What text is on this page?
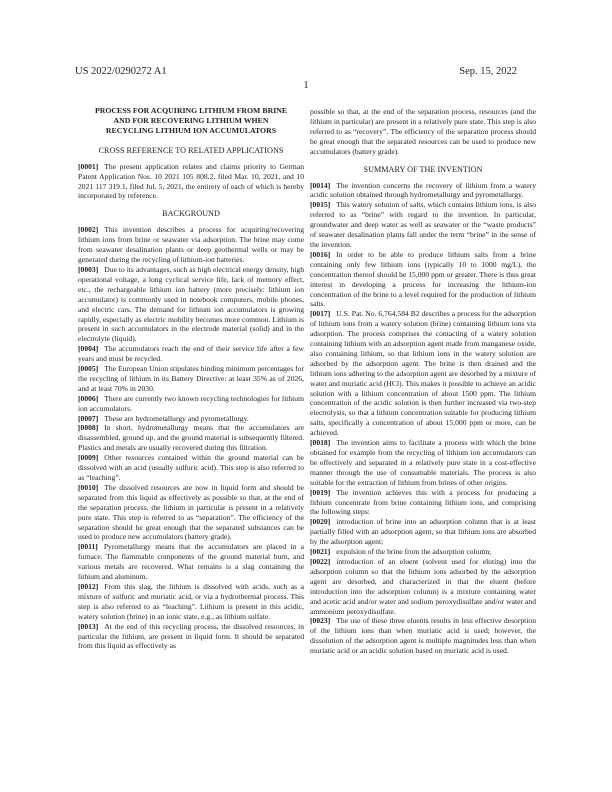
US 2022/0290272 A1	Sep. 15, 2022
1
PROCESS FOR ACQUIRING LITHIUM FROM BRINE AND FOR RECOVERING LITHIUM WHEN RECYCLING LITHIUM ION ACCUMULATORS
CROSS REFERENCE TO RELATED APPLICATIONS

[0001] The present application relates and claims priority to German Patent Application Nos. 10 2021 105 808.2, filed Mar. 10, 2021, and 10 2021 117 319.1, filed Jul. 5, 2021, the entirety of each of which is hereby incorporated by reference.

BACKGROUND

[0002] This invention describes a process for acquiring/recovering lithium ions from brine or seawater via adsorption. The brine may come from seawater desalination plants or deep geothermal wells or may be generated during the recycling of lithium-ion batteries.

[0003] Due to its advantages, such as high electrical energy density, high operational voltage, a long cyclical service life, lack of memory effect, etc., the rechargeable lithium ion battery (more precisely: lithium ion accumulator) is commonly used in notebook computers, mobile phones, and electric cars. The demand for lithium ion accumulators is growing rapidly, especially as electric mobility becomes more common. Lithium is present in such accumulators in the electrode material (solid) and in the electrolyte (liquid).

[0004] The accumulators reach the end of their service life after a few years and must be recycled.

[0005] The European Union stipulates binding minimum percentages for the recycling of lithium in its Battery Directive: at least 35% as of 2026, and at least 70% in 2030.

[0006] There are currently two known recycling technologies for lithium ion accumulators.

[0007] These are hydrometallurgy and pyrometallurgy.

[0008] In short, hydrometallurgy means that the accumulators are disassembled, ground up, and the ground material is subsequently filtered. Plastics and metals are usually recovered during this filtration.

[0009] Other resources contained within the ground material can be dissolved with an acid (usually sulfuric acid). This step is also referred to as “leaching”.

[0010] The dissolved resources are now in liquid form and should be separated from this liquid as effectively as possible so that, at the end of the separation process, the lithium in particular is present in a relatively pure state. This step is referred to as “separation”. The efficiency of the separation should be great enough that the separated substances can be used to produce new accumulators (battery grade).

[0011] Pyrometallurgy means that the accumulators are placed in a furnace. The flammable components of the ground material burn, and various metals are recovered. What remains is a slag containing the lithium and aluminum.

[0012] From this slag, the lithium is dissolved with acids, such as a mixture of sulfuric and muriatic acid, or via a hydrothermal process. This step is also referred to as “leaching”. Lithium is present in this acidic, watery solution (brine) in an ionic state, e.g., as lithium sulfate.

[0013] At the end of this recycling process, the dissolved resources, in particular the lithium, are present in liquid form. It should be separated from this liquid as effectively as

possible so that, at the end of the separation process, resources (and the lithium in particular) are present in a relatively pure state. This step is also referred to as “recovery”. The efficiency of the separation process should be great enough that the separated resources can be used to produce new accumulators (battery grade).

SUMMARY OF THE INVENTION

[0014] The invention concerns the recovery of lithium from a watery acidic solution obtained through hydrometallurgy and pyrometallurgy.

[0015] This watery solution of salts, which contains lithium ions, is also referred to as “brine” with regard to the invention. In particular, groundwater and deep water as well as seawater or the “waste products” of seawater desalination plants fall under the term “brine” in the sense of the invention.

[0016] In order to be able to produce lithium salts from a brine containing only few lithium ions (typically 10 to 1000 mg/L), the concentration thereof should be 15,000 ppm or greater. There is thus great interest in developing a process for increasing the lithium-ion concentration of the brine to a level required for the production of lithium salts.

[0017] U.S. Pat. No. 6,764,584 B2 describes a process for the adsorption of lithium ions from a watery solution (brine) containing lithium ions via adsorption. The process comprises the contacting of a watery solution containing lithium with an adsorption agent made from manganese oxide, also containing lithium, so that lithium ions in the watery solution are adsorbed by the adsorption agent. The brine is then drained and the lithium ions adhering to the adsorption agent are desorbed by a mixture of water and muriatic acid (HCl). This makes it possible to achieve an acidic solution with a lithium concentration of about 1500 ppm. The lithium concentration of the acidic solution is then further increased via two-step electrolysis, so that a lithium concentration suitable for producing lithium salts, specifically a concentration of about 15,000 ppm or more, can be achieved.

[0018] The invention aims to facilitate a process with which the brine obtained for example from the recycling of lithium ion accumulators can be effectively and separated in a relatively pure state in a cost-effective manner through the use of consumable materials. The process is also suitable for the extraction of lithium from brines of other origins.

[0019] The invention achieves this with a process for producing a lithium concentrate from brine containing lithium ions, and comprising the following steps:

[0020] introduction of brine into an adsorption column that is at least partially filled with an adsorption agent, so that lithium ions are absorbed by the adsorption agent;

[0021] expulsion of the brine from the adsorption column;

[0022] introduction of an eluent (solvent used for eluting) into the adsorption column so that the lithium ions adsorbed by the adsorption agent are desorbed, and characterized in that the eluent (before introduction into the adsorption column) is a mixture containing water and acetic acid and/or water and sodium peroxydisulfate and/or water and ammonium peroxydisulfate.

[0023] The use of these three eluents results in less effective desorption of the lithium ions than when muriatic acid is used; however, the dissolution of the adsorption agent is multiple magnitudes less than when muriatic acid or an acidic solution based on muriatic acid is used.
